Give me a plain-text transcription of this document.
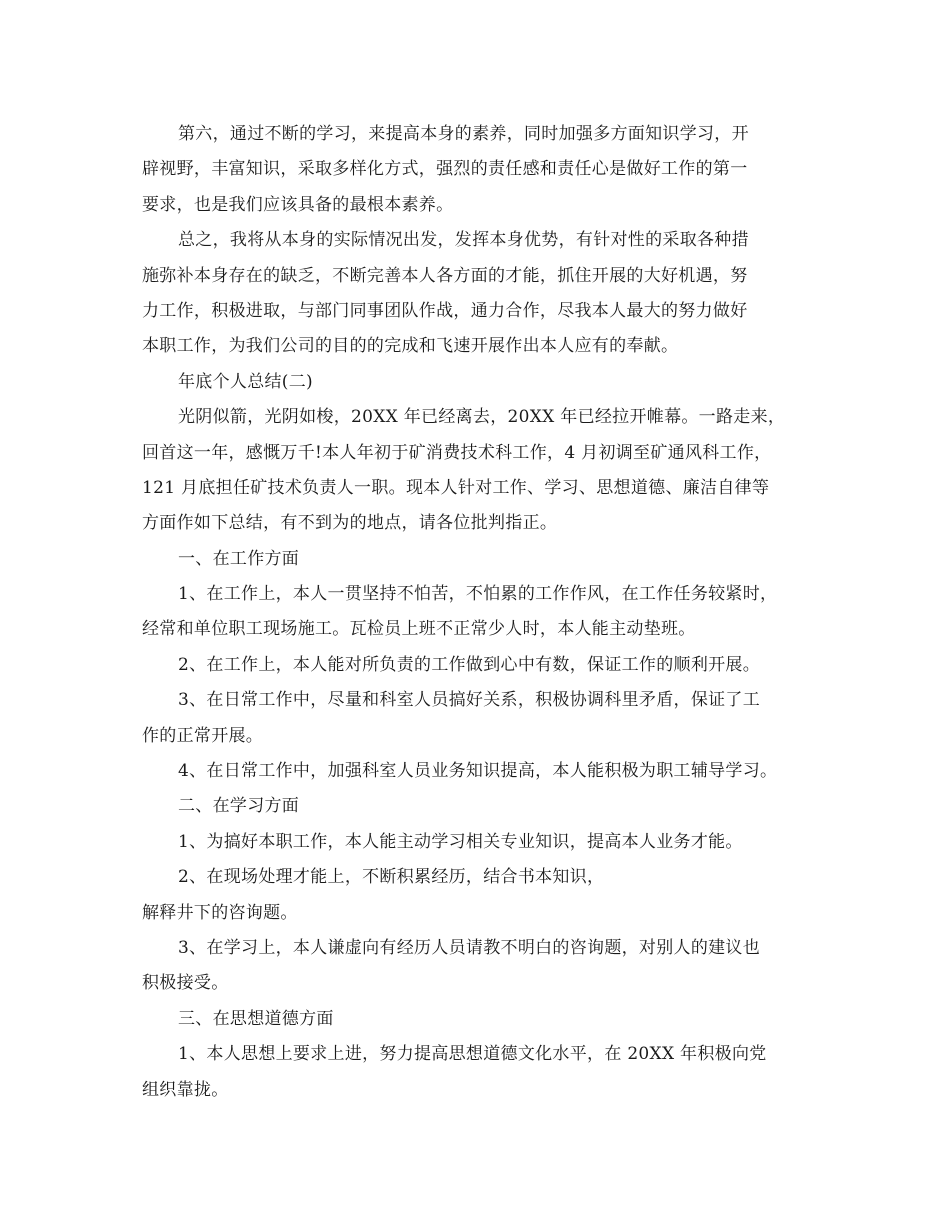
第六，通过不断的学习，来提高本身的素养，同时加强多方面知识学习，开
辟视野，丰富知识，采取多样化方式，强烈的责任感和责任心是做好工作的第一
要求，也是我们应该具备的最根本素养。
总之，我将从本身的实际情况出发，发挥本身优势，有针对性的采取各种措
施弥补本身存在的缺乏，不断完善本人各方面的才能，抓住开展的大好机遇，努
力工作，积极进取，与部门同事团队作战，通力合作，尽我本人最大的努力做好
本职工作，为我们公司的目的的完成和飞速开展作出本人应有的奉献。
年底个人总结(二)
光阴似箭，光阴如梭，20XX 年已经离去，20XX 年已经拉开帷幕。一路走来，
回首这一年，感慨万千!本人年初于矿消费技术科工作，4 月初调至矿通风科工作，
121 月底担任矿技术负责人一职。现本人针对工作、学习、思想道德、廉洁自律等
方面作如下总结，有不到为的地点，请各位批判指正。
一、在工作方面
1、在工作上，本人一贯坚持不怕苦，不怕累的工作作风，在工作任务较紧时，
经常和单位职工现场施工。瓦检员上班不正常少人时，本人能主动垫班。
2、在工作上，本人能对所负责的工作做到心中有数，保证工作的顺利开展。
3、在日常工作中，尽量和科室人员搞好关系，积极协调科里矛盾，保证了工
作的正常开展。
4、在日常工作中，加强科室人员业务知识提高，本人能积极为职工辅导学习。
二、在学习方面
1、为搞好本职工作，本人能主动学习相关专业知识，提高本人业务才能。
2、在现场处理才能上，不断积累经历，结合书本知识，
解释井下的咨询题。
3、在学习上，本人谦虚向有经历人员请教不明白的咨询题，对别人的建议也
积极接受。
三、在思想道德方面
1、本人思想上要求上进，努力提高思想道德文化水平，在 20XX 年积极向党
组织靠拢。
